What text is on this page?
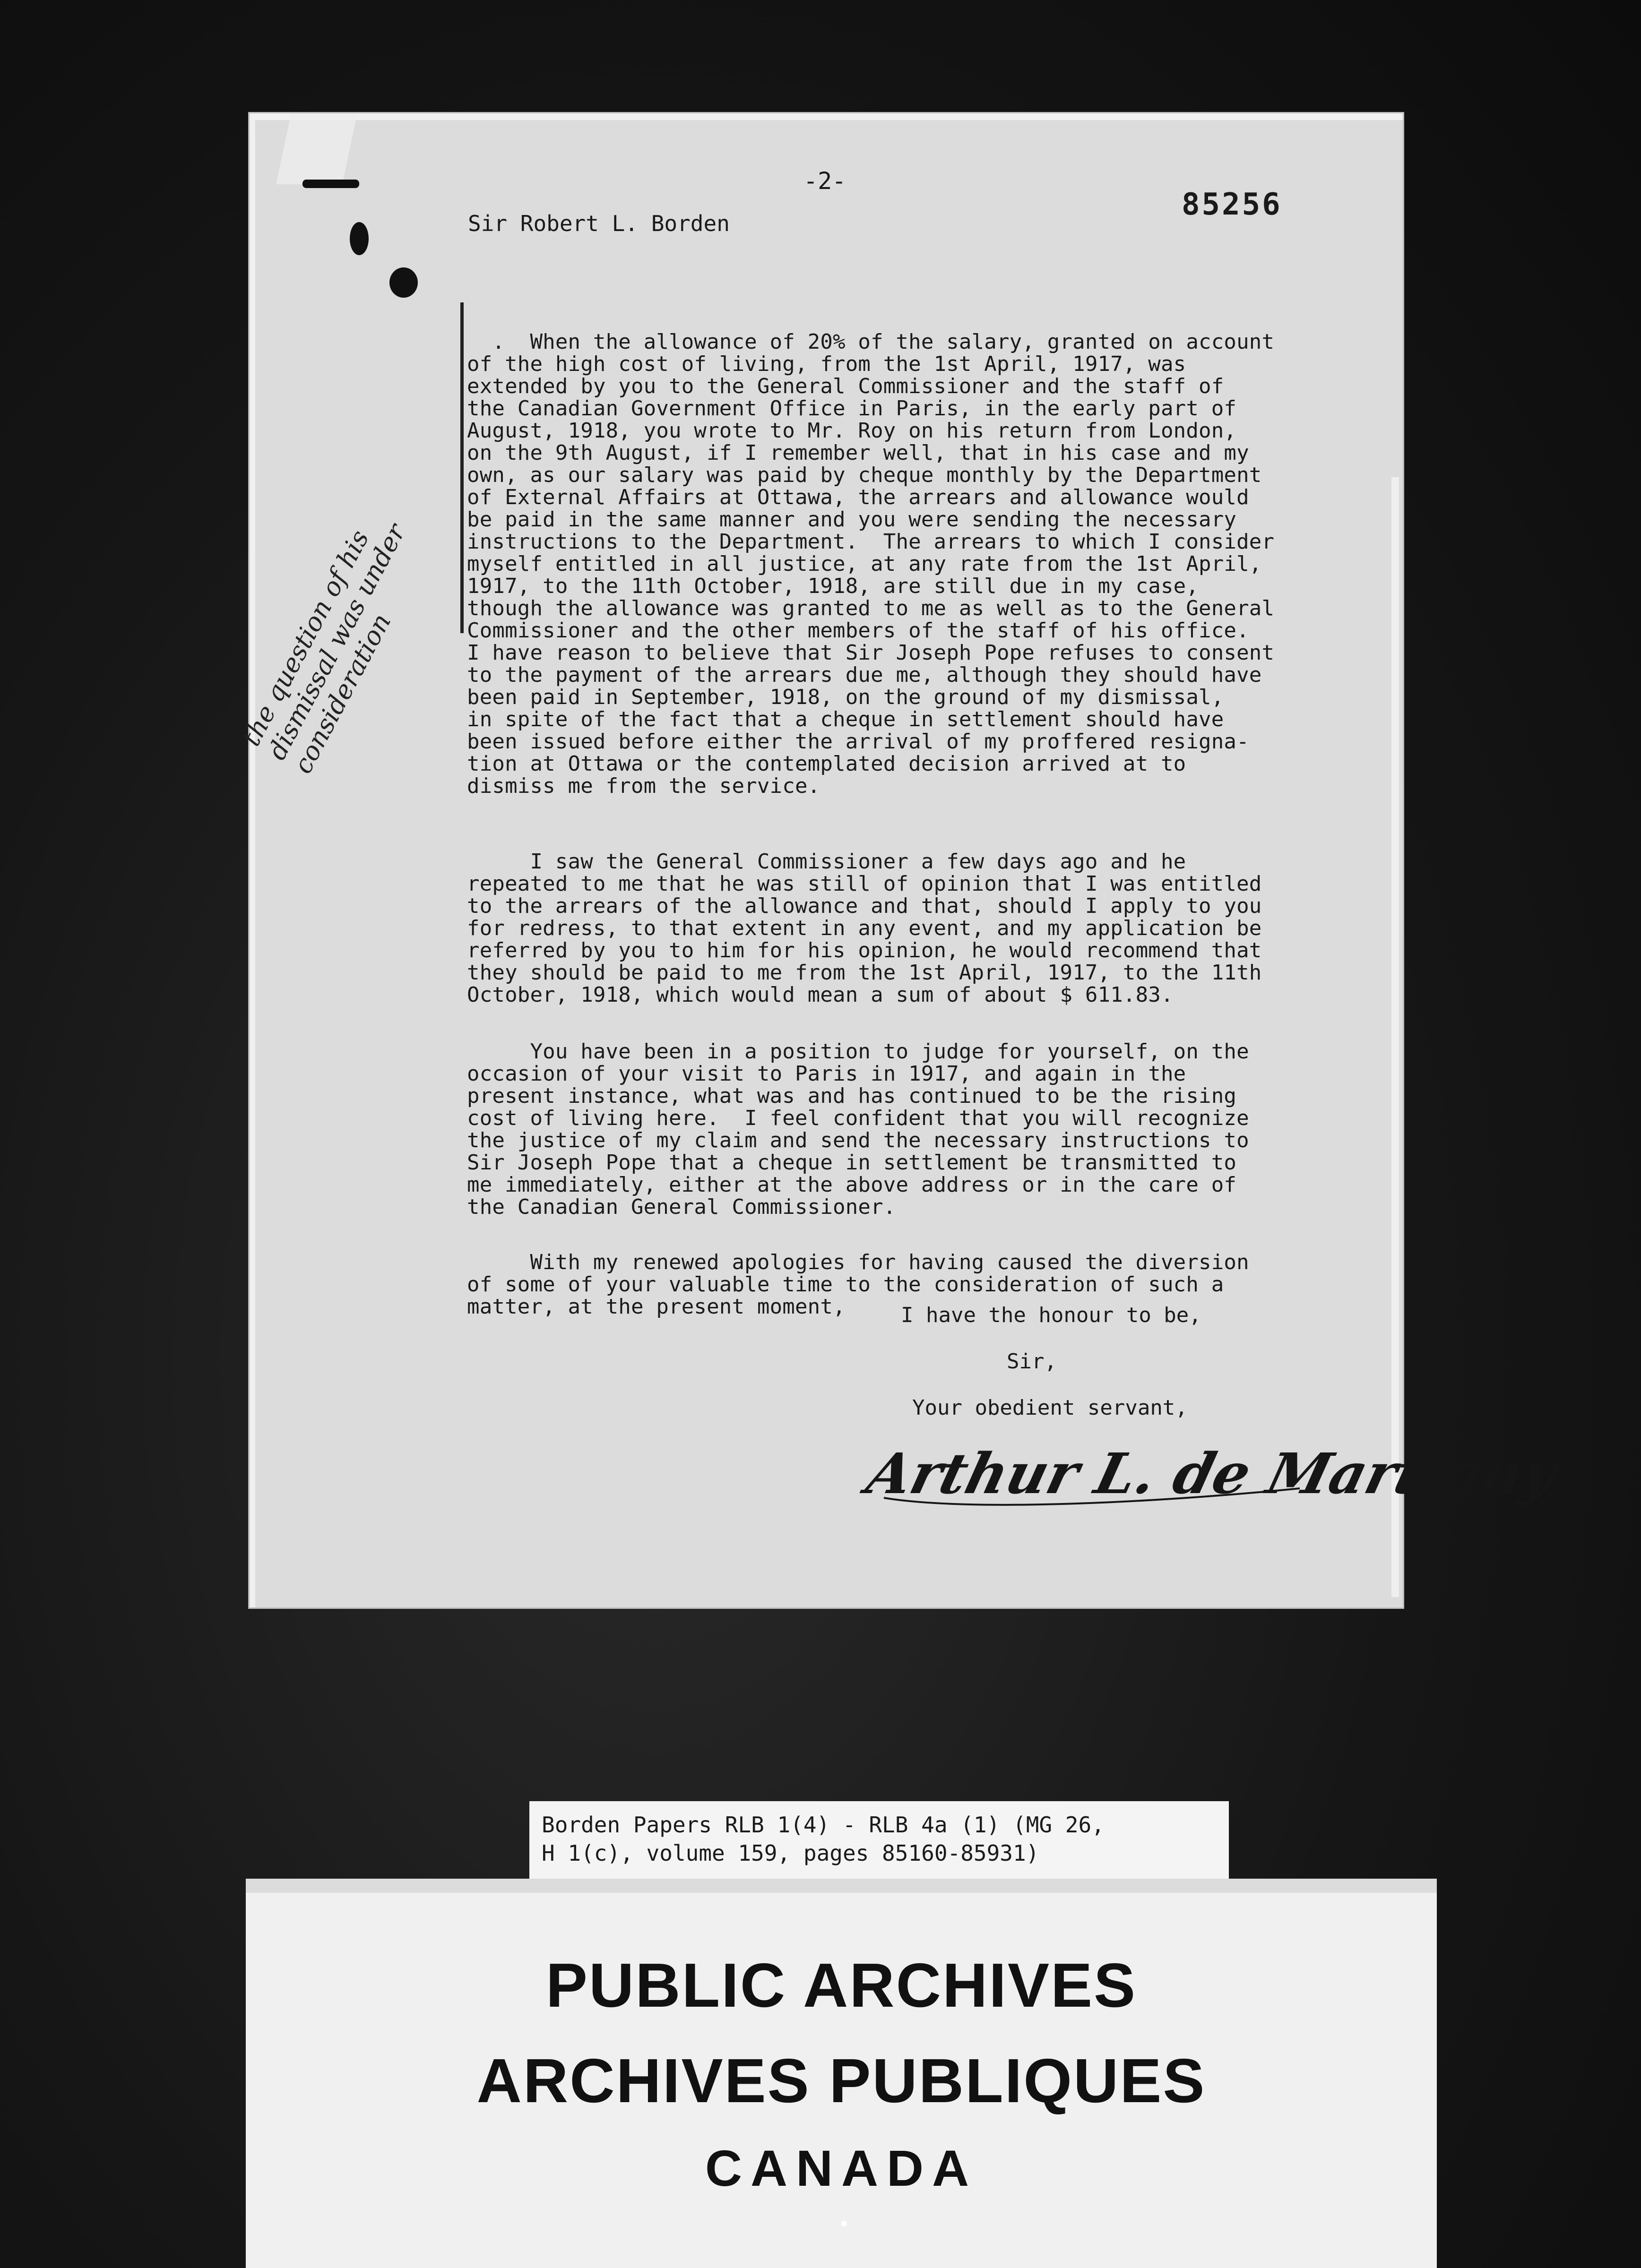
-2-
85256
Sir Robert L. Borden

.  When the allowance of 20% of the salary, granted on account
of the high cost of living, from the 1st April, 1917, was
extended by you to the General Commissioner and the staff of
the Canadian Government Office in Paris, in the early part of
August, 1918, you wrote to Mr. Roy on his return from London,
on the 9th August, if I remember well, that in his case and my
own, as our salary was paid by cheque monthly by the Department
of External Affairs at Ottawa, the arrears and allowance would
be paid in the same manner and you were sending the necessary
instructions to the Department.  The arrears to which I consider
myself entitled in all justice, at any rate from the 1st April,
1917, to the 11th October, 1918, are still due in my case,
though the allowance was granted to me as well as to the General
Commissioner and the other members of the staff of his office.
I have reason to believe that Sir Joseph Pope refuses to consent
to the payment of the arrears due me, although they should have
been paid in September, 1918, on the ground of my dismissal,
in spite of the fact that a cheque in settlement should have
been issued before either the arrival of my proffered resigna-
tion at Ottawa or the contemplated decision arrived at to
dismiss me from the service.

I saw the General Commissioner a few days ago and he
repeated to me that he was still of opinion that I was entitled
to the arrears of the allowance and that, should I apply to you
for redress, to that extent in any event, and my application be
referred by you to him for his opinion, he would recommend that
they should be paid to me from the 1st April, 1917, to the 11th
October, 1918, which would mean a sum of about $ 611.83.

You have been in a position to judge for yourself, on the
occasion of your visit to Paris in 1917, and again in the
present instance, what was and has continued to be the rising
cost of living here.  I feel confident that you will recognize
the justice of my claim and send the necessary instructions to
Sir Joseph Pope that a cheque in settlement be transmitted to
me immediately, either at the above address or in the care of
the Canadian General Commissioner.

With my renewed apologies for having caused the diversion
of some of your valuable time to the consideration of such a
matter, at the present moment,

	I have the honour to be,
Sir,
Your obedient servant,
Arthur L. de Martigny
the question of his dismissal was under consideration
Borden Papers RLB 1(4) - RLB 4a (1) (MG 26,
H 1(c), volume 159, pages 85160-85931)
PUBLIC ARCHIVES
ARCHIVES PUBLIQUES
CANADA
